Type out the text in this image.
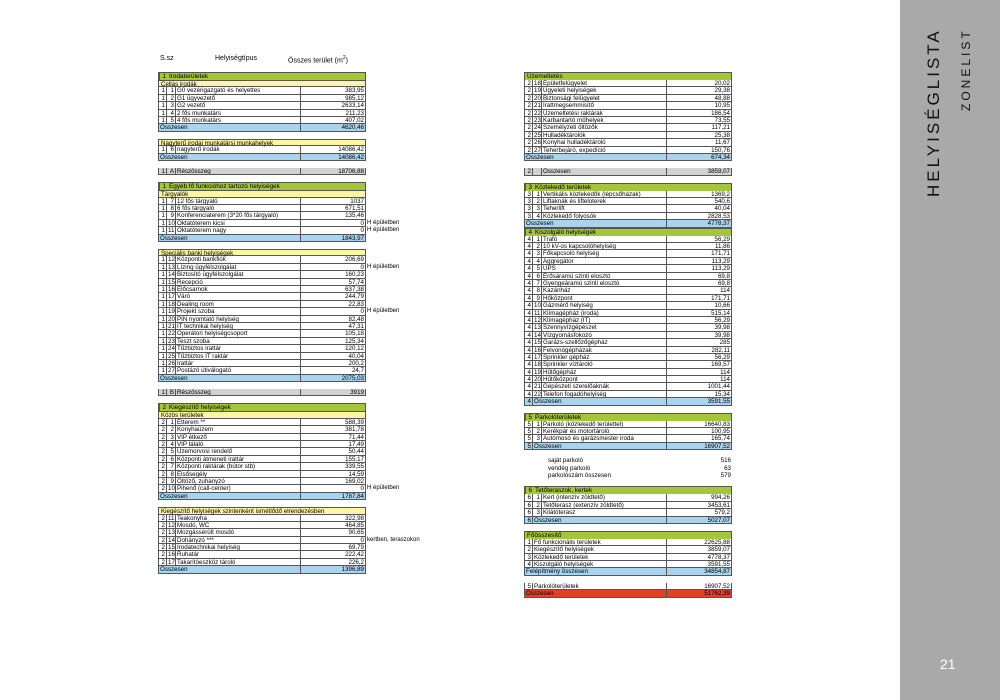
S.sz	Helyiségtípus	Összes terület $(m^2)$
1 Irodaterületek
Cellás irodák
1 1 G0 vezérigazgató és helyettes	383,95
1 2 G1 ügyvezető	985,12
1 3 G2 vezető	2633,14
1 4 2 fős munkatárs	211,23
1 5 4 fős munkatárs	407,02
Összesen	4620,46
Nagyterű irodai munkatársi munkahelyek
1 6 nagyterű irodák	14086,42
Összesen	14086,42
1 A Részösszeg	18706,88
1 Egyéb fő funkcióhoz tartozó helyiségek
Tárgyalók
1 7 12 fős tárgyaló	1037
1 8 6 fős tárgyaló	671,51
1 9 Konferenciaterem (3*20 fős tárgyaló)	135,46
1 10 Oktatóterem kicsi	0 H épületben
1 11 Oktatóterem nagy	0 H épületben
Összesen	1843,97
Speciális banki helyiségek
1 12 Központi bankfiók	206,69
1 13 Lízing ügyfélszolgálat	0 H épületben
1 14 Biztosító ügyfélszolgálat	160,23
1 15 Recepció	57,74
1 16 Előcsarnok	637,38
1 17 Váró	244,79
1 18 Dealing room	22,83
1 19 Projekt szoba	0 H épületben
1 20 PIN nyomtató helyiség	82,48
1 21 IT technikai helyiség	47,31
1 22 Operátori helyiségcsoport	105,18
1 23 Teszt szoba	125,34
1 24 Tűzbiztos irattár	120,12
1 25 Tűzbiztos IT raktár	40,04
1 26 Irattár	200,2
1 27 Postázó útiválogató	24,7
Összesen	2075,03
1 B Részösszeg	3919
2 Kiegészítő helyiségek
Közös területek
2 1 Étterem **	588,39
2 2 Konyhaüzem	381,78
2 3 VIP étkező	71,44
2 4 VIP tálaló	17,49
2 5 Üzemorvosi rendelő	50,44
2 6 Központi átmeneti irattár	155,17
2 7 Központi raktárak (bútor stb)	339,55
2 8 Elsősegély	14,59
2 9 Öltöző, zuhanyzó	169,02
2 10 Pihenő (call-center)	0 H épületben
Összesen	1787,84
Kiegészítő helyiségek szintenként ismétlődő elrendezésben
2 11 Teakonyha	322,98
2 12 Mosdó, WC	464,85
2 13 Mozgássérült mosdó	90,65
2 14 Dohányzó ***	0 kertben, teraszokon
2 15 Irodatechnikai helyiség	69,79
2 16 Ruhatár	222,42
2 17 Takarítóeszköz tároló	226,2
Összesen	1396,89
Üzemeltetés
2 18 Épületfelügyelet	20,02
2 19 Ügyeleti helyiségek	29,38
2 20 Biztonsági felügyelet	48,88
2 21 Irattmegsemmisítő	10,95
2 22 Üzemeltetési raktárak	186,54
2 23 Karbantartó műhelyek	73,55
2 24 Személyzeti öltözők	117,21
2 25 Hulladéktárolók	25,38
2 26 Konyhai hulladéktároló	11,67
2 27 Teherbejáró, expedíció	150,76
Összesen	674,34
2	Összesen	3859,07
3 Közlekedő területek
3 1 Vertikális közlekedők (lépcsőházak)	1369,2
3 2 Liftaknák és lifteloterek	540,6
3 3 Teherlift	40,04
3 4 Közlekedő folyosók	2828,53
Összesen	4778,37
4 Kiszolgáló helyiségek
4 1 Trafó	56,29
4 2 10 kV-os kapcsolóhelyiség	11,86
4 3 Főkapcsoló helyiség	171,71
4 4 Aggregátor	113,29
4 5 UPS	113,29
4 6 Erősáramú szinti elosztó	69,8
4 7 Gyengeáramú szinti elosztó	69,8
4 8 Kazánház	114
4 9 Hőközpont	171,71
4 10 Gázmérő helyiség	10,66
4 11 Klímagépház (iroda)	515,14
4 12 Klímagépház (IT)	56,29
4 13 Szennyvízgépészet	39,98
4 14 Vízgyomásfokozó	39,98
4 15 Garázs-szellőzőgépház	285
4 16 Felvonógépházak	282,11
4 17 Sprinkler gépház	56,29
4 18 Sprinkler víztároló	169,57
4 19 Hűtőgépház	114
4 20 Hűtőközpont	114
4 21 Gépészeti szerelőaknák	1001,44
4 22 Telefon fogadóhelyiség	15,34
4 Összesen	3591,55
5 Parkolóterületek
5 1 Parkoló (közlekedő területtel)	16640,83
5 2 Kerékpár és motortároló	100,95
5 3 Autómosó és garázsmester iroda	165,74
5 Összesen	16907,52
saját parkoló	516
vendég parkoló	63
parkolószám összesen	579
6 Tetőteraszok, kertek
6 1 Kert (intenzív zöldtető)	994,26
6 2 Tetőterasz (extenzív zöldtető)	3453,61
6 3 Kilátóterasz	579,2
6 Összesen	5027,07
Főösszesítő
1 Fő funkcionális területek	22625,88
2 Kiegészítő helyiségek	3859,07
3 Közlekedő területek	4778,37
4 Kiszolgáló helyiségek	3591,55
Felépítmény összesen	34854,87
5 Parkolóterületek	16907,52
Összesen	51762,39
HELYISÉGLISTA ZONELIST
21
